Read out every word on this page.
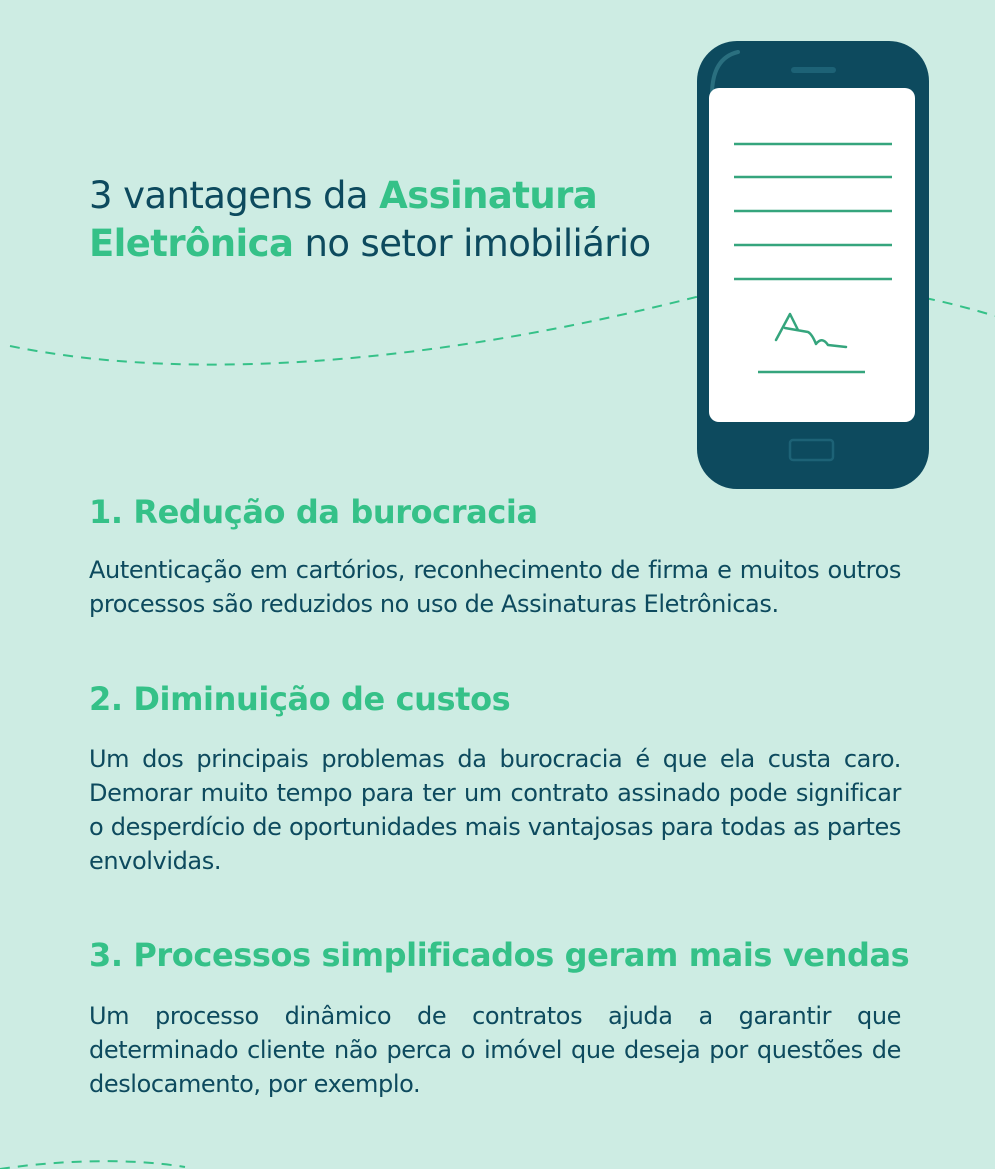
3 vantagens da Assinatura
Eletrônica no setor imobiliário
1. Redução da burocracia

Autenticação em cartórios, reconhecimento de firma e muitos outros processos são reduzidos no uso de Assinaturas Eletrônicas.

2. Diminuição de custos

Um dos principais problemas da burocracia é que ela custa caro. Demorar muito tempo para ter um contrato assinado pode significar o desperdício de oportunidades mais vantajosas para todas as partes envolvidas.

3. Processos simplificados geram mais vendas

Um processo dinâmico de contratos ajuda a garantir que determinado cliente não perca o imóvel que deseja por questões de deslocamento, por exemplo.
